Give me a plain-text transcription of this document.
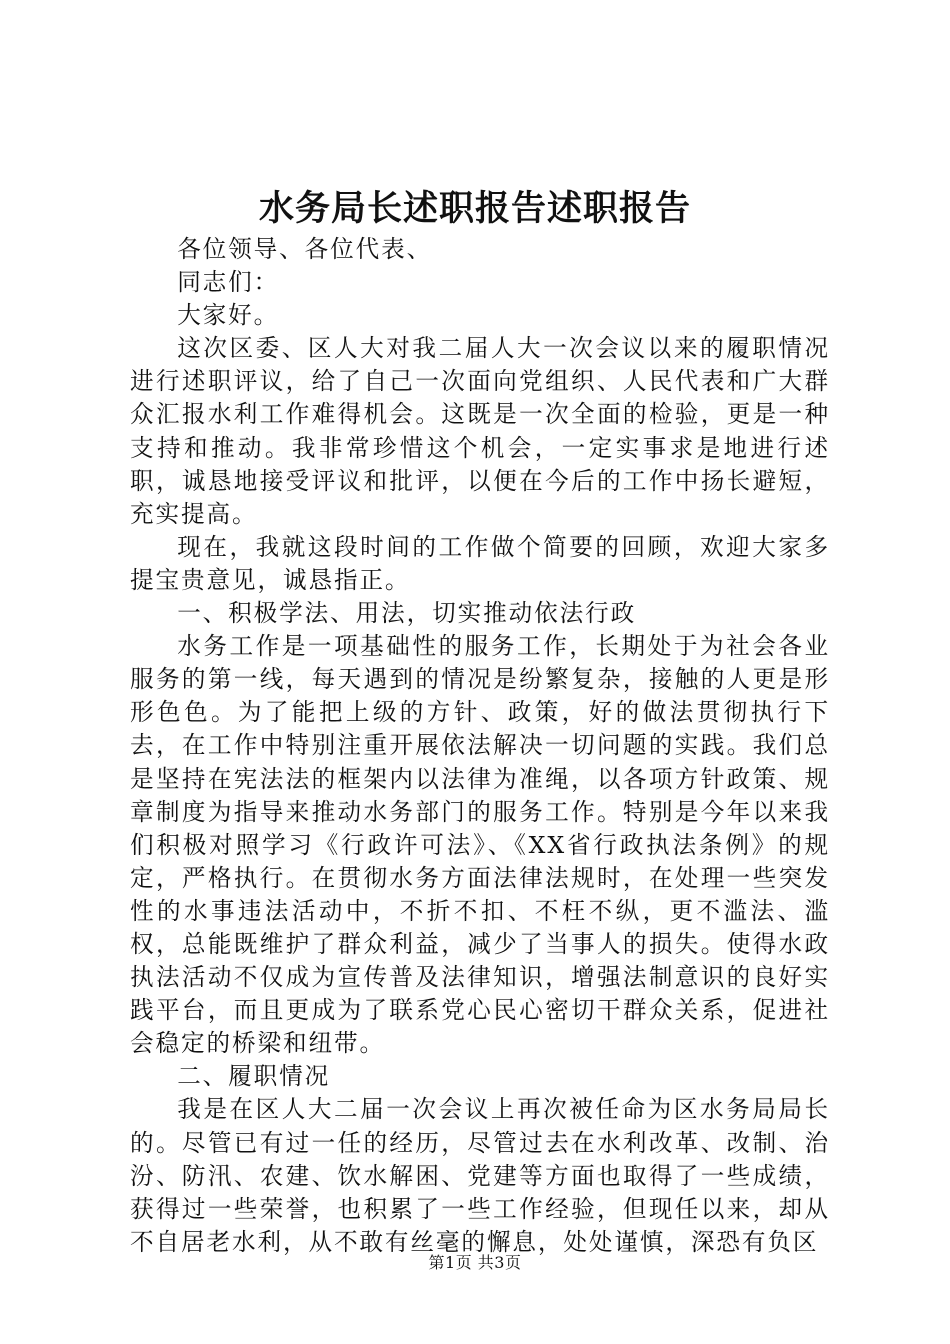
水务局长述职报告述职报告

各位领导、各位代表、

同志们：

大家好。

这次区委、区人大对我二届人大一次会议以来的履职情况进行述职评议，给了自己一次面向党组织、人民代表和广大群众汇报水利工作难得机会。这既是一次全面的检验，更是一种支持和推动。我非常珍惜这个机会，一定实事求是地进行述职，诚恳地接受评议和批评，以便在今后的工作中扬长避短，充实提高。

现在，我就这段时间的工作做个简要的回顾，欢迎大家多提宝贵意见，诚恳指正。

一、积极学法、用法，切实推动依法行政

水务工作是一项基础性的服务工作，长期处于为社会各业服务的第一线，每天遇到的情况是纷繁复杂，接触的人更是形形色色。为了能把上级的方针、政策，好的做法贯彻执行下去，在工作中特别注重开展依法解决一切问题的实践。我们总是坚持在宪法法的框架内以法律为准绳，以各项方针政策、规章制度为指导来推动水务部门的服务工作。特别是今年以来我们积极对照学习《行政许可法》、《XX省行政执法条例》的规定，严格执行。在贯彻水务方面法律法规时，在处理一些突发性的水事违法活动中，不折不扣、不枉不纵，更不滥法、滥权，总能既维护了群众利益，减少了当事人的损失。使得水政执法活动不仅成为宣传普及法律知识，增强法制意识的良好实践平台，而且更成为了联系党心民心密切干群众关系，促进社会稳定的桥梁和纽带。

二、履职情况

我是在区人大二届一次会议上再次被任命为区水务局局长的。尽管已有过一任的经历，尽管过去在水利改革、改制、治汾、防汛、农建、饮水解困、党建等方面也取得了一些成绩，获得过一些荣誉，也积累了一些工作经验，但现任以来，却从不自居老水利，从不敢有丝毫的懈息，处处谨慎，深恐有负区

第1页 共3页
